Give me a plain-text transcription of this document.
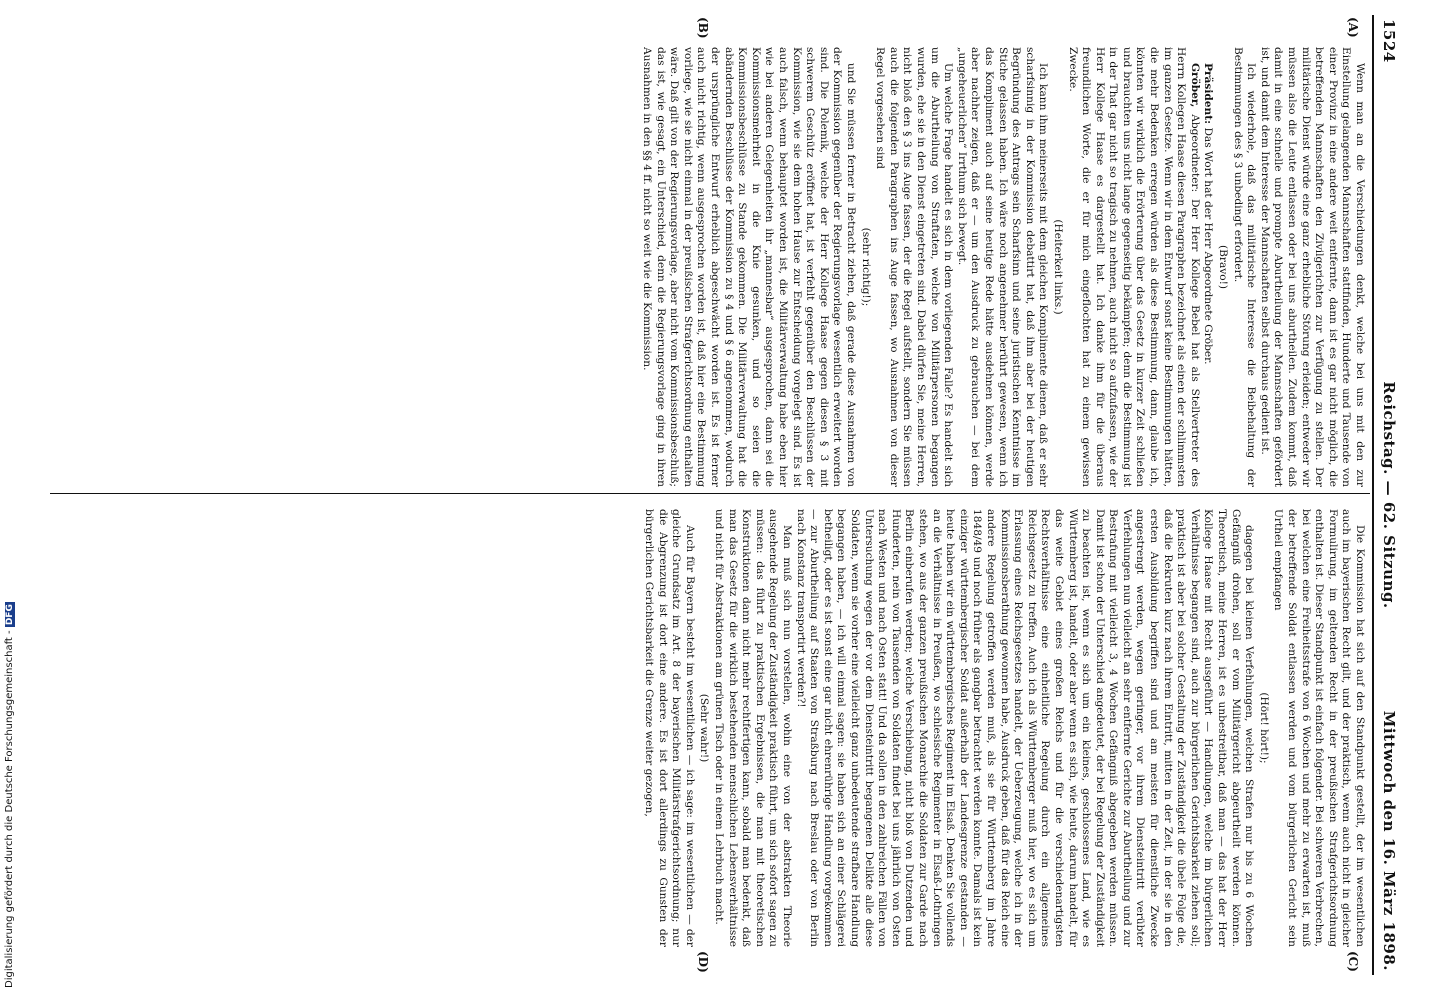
1524
Reichstag. — 62. Sitzung.
Mittwoch den 16. März 1898.
(A)
(B)
(C)
(D)

Wenn man an die Verschiedungen denkt, welche bei uns mit den zur Einstellung gelangenden Mannschaften stattfinden, Hunderte und Tausende von einer Provinz in eine andere weit entfernte, dann ist es gar nicht möglich, die betreffenden Mannschaften den Zivilgerichten zur Verfügung zu stellen. Der militärische Dienst würde eine ganz erhebliche Störung erleiden; entweder wir müssen also die Leute entlassen oder bei uns aburtheilen. Zudem kommt, daß damit in eine schnelle und prompte Aburtheilung der Mannschaften gefördert ist, und damit dem Interesse der Mannschaften selbst durchaus gedient ist.

Ich wiederhole, daß das militärische Interesse die Beibehaltung der Bestimmungen des § 3 unbedingt erfordert.

(Bravo!)

Präsident: Das Wort hat der Herr Abgeordnete Gröber.

Gröber, Abgeordneter: Der Herr Kollege Bebel hat als Stellvertreter des Herrn Kollegen Haase diesen Paragraphen bezeichnet als einen der schlimmsten im ganzen Gesetze. Wenn wir in dem Entwurf sonst keine Bestimmungen hätten, die mehr Bedenken erregen würden als diese Bestimmung, dann, glaube ich, könnten wir wirklich die Erörterung über das Gesetz in kurzer Zeit schließen und brauchten uns nicht lange gegenseitig bekämpfen; denn die Bestimmung ist in der That gar nicht so tragisch zu nehmen, auch nicht so aufzufassen, wie der Herr Kollege Haase es dargestellt hat. Ich danke ihm für die überaus freundlichen Worte, die er für mich eingeflochten hat zu einem gewissen Zwecke.

(Heiterkeit links.)

Ich kann ihm meinerseits mit dem gleichen Komplimente dienen, daß er sehr scharfsinnig in der Kommission debattirt hat, daß ihm aber bei der heutigen Begründung des Antrags sein Scharfsinn und seine juristischen Kenntnisse im Stiche gelassen haben. Ich wäre noch angenehmer berührt gewesen, wenn ich das Kompliment auch auf seine heutige Rede hätte ausdehnen können, werde aber nachher zeigen, daß er — um den Ausdruck zu gebrauchen — bei dem „ungeheuerlichen“ Irrthum sich bewegt.

Um welche Frage handelt es sich in dem vorliegenden Falle? Es handelt sich um die Aburtheilung von Straftaten, welche von Militärpersonen begangen wurden, ehe sie in den Dienst eingetreten sind. Dabei dürfen Sie, meine Herren, nicht bloß den § 3 ins Auge fassen, der die Regel aufstellt, sondern Sie müssen auch die folgenden Paragraphen ins Auge fassen, wo Ausnahmen von dieser Regel vorgesehen sind

(sehr richtig!);

und Sie müssen ferner in Betracht ziehen, daß gerade diese Ausnahmen von der Kommission gegenüber der Regierungsvorlage wesentlich erweitert worden sind. Die Polemik, welche der Herr Kollege Haase gegen diesen § 3 mit schwerem Geschütz eröffnet hat, ist verfehlt gegenüber den Beschlüssen der Kommission, wie sie dem hohen Hause zur Entscheidung vorgelegt sind. Es ist auch falsch, wenn behauptet worden ist, die Militärverwaltung habe eben hier wie bei anderen Gelegenheiten ihr „mannesbar“ ausgesprochen, dann sei die Kommissionsmehrheit in die Knie gesunken, und so seien die Kommissionsbeschlüsse zu Stande gekommen. Die Militärverwaltung hat die abändernden Beschlüsse der Kommission zu § 4 und § 6 angenommen, wodurch der ursprüngliche Entwurf erheblich abgeschwächt worden ist. Es ist ferner auch nicht richtig, wenn ausgesprochen worden ist, daß hier eine Bestimmung vorliege, wie sie nicht einmal in der preußischen Strafgerichtsordnung enthalten wäre. Daß gilt von der Regierungsvorlage, aber nicht vom Kommissionsbeschluß; das ist, wie gesagt, ein Unterschied, denn die Regierungsvorlage ging in ihren Ausnahmen in den §§ 4 ff. nicht so weit wie die Kommission.

Die Kommission hat sich auf den Standpunkt gestellt, der im wesentlichen auch im bayerischen Recht gilt, und der praktisch, wenn auch nicht in gleicher Formulirung, im geltenden Recht in der preußischen Strafgerichtsordnung enthalten ist. Dieser Standpunkt ist einfach folgender. Bei schweren Verbrechen, bei welchen eine Freiheitsstrafe von 6 Wochen und mehr zu erwarten ist, muß der betreffende Soldat entlassen werden und vom bürgerlichen Gericht sein Urtheil empfangen

(Hört! hört!);

dagegen bei kleinen Verfehlungen, welchen Strafen nur bis zu 6 Wochen Gefängniß drohen, soll er vom Militärgericht abgeurtheilt werden können. Theoretisch, meine Herren, ist es unbestreitbar, daß man — das hat der Herr Kollege Haase mit Recht ausgeführt — Handlungen, welche im bürgerlichen Verhältnisse begangen sind, auch zur bürgerlichen Gerichtsbarkeit ziehen soll; praktisch ist aber bei solcher Gestaltung der Zuständigkeit die übele Folge die, daß die Rekruten kurz nach ihrem Eintritt, mitten in der Zeit, in der sie in den ersten Ausbildung begriffen sind und am meisten für dienstliche Zwecke angestrengt werden, wegen geringer, vor ihrem Diensteintritt verübter Verfehlungen nun vielleicht an sehr entfernte Gerichte zur Aburtheilung und zur Bestrafung mit vielleicht 3, 4 Wochen Gefängniß abgegeben werden müssen. Damit ist schon der Unterschied angedeutet, der bei Regelung der Zuständigkeit zu beachten ist, wenn es sich um ein kleines, geschlossenes Land, wie es Württemberg ist, handelt, oder aber wenn es sich, wie heute, darum handelt, für das weite Gebiet eines großen Reichs und für die verschiedenartigsten Rechtsverhältnisse eine einheitliche Regelung durch ein allgemeines Reichsgesetz zu treffen. Auch ich als Württemberger muß hier, wo es sich um Erlassung eines Reichsgesetzes handelt, der Ueberzeugung, welche ich in der Kommissionsberathung gewonnen habe, Ausdruck geben, daß für das Reich eine andere Regelung getroffen werden muß, als sie für Württemberg im Jahre 1848/49 und noch früher als gangbar betrachtet werden konnte. Damals ist kein einziger württembergischer Soldat außerhalb der Landesgrenze gestanden — heute haben wir ein württembergisches Regiment im Elsaß. Denken Sie vollends an die Verhältnisse in Preußen, wo schlesische Regimenter in Elsaß-Lothringen stehen, wo aus der ganzen preußischen Monarchie die Soldaten zur Garde nach Berlin einberufen werden; welche Verschiebung, nicht bloß von Dutzenden und Hunderten, nein von Tausenden von Soldaten findet bei uns jährlich von Osten nach Westen und nach Osten statt! Und da sollen in den zahlreichen Fällen von Untersuchung wegen der vor dem Diensteintritt begangenen Delikte alle diese Soldaten, wenn sie vorher eine vielleicht ganz unbedeutende strafbare Handlung begangen haben, — ich will einmal sagen: sie haben sich an einer Schlägerei betheiligt, oder es ist sonst eine gar nicht ehrenrührige Handlung vorgekommen — zur Aburtheilung auf Staaten von Straßburg nach Breslau oder von Berlin nach Konstanz transportirt werden?!

Man muß sich nun vorstellen, wohin eine von der abstrakten Theorie ausgehende Regelung der Zuständigkeit praktisch führt, um sich sofort sagen zu müssen: das führt zu praktischen Ergebnissen, die man mit theoretischen Konstruktionen dann nicht mehr rechtfertigen kann, sobald man bedenkt, daß man das Gesetz für die wirklich bestehenden menschlichen Lebensverhältnisse und nicht für Abstraktionen am grünen Tisch oder in einem Lehrbuch macht.

(Sehr wahr!)

Auch für Bayern besteht im wesentlichen — ich sage: im wesentlichen — der gleiche Grundsatz im Art. 8 der bayerischen Militärstrafgerichtsordnung; nur die Abgrenzung ist dort eine andere. Es ist dort allerdings zu Gunsten der bürgerlichen Gerichtsbarkeit die Grenze weiter gezogen,

Digitalisierung gefördert durch die Deutsche Forschungsgemeinschaft - DFG
